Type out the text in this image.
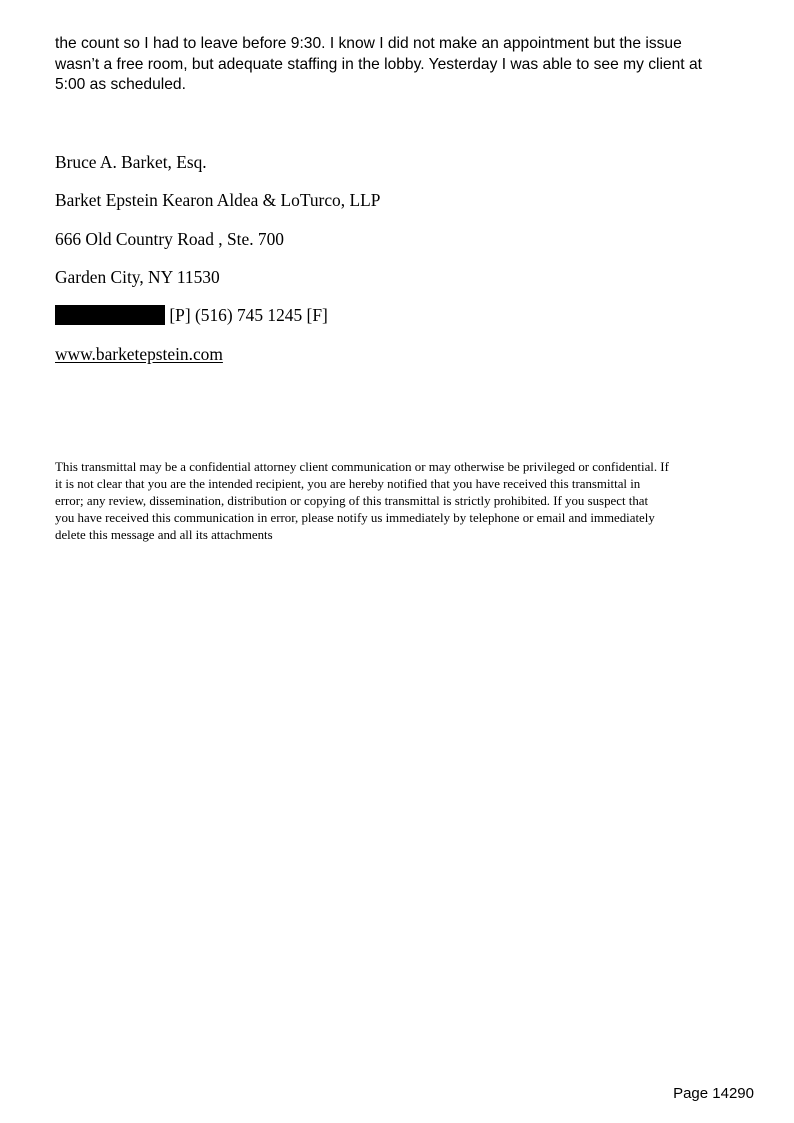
the count so I had to leave before 9:30. I know I did not make an appointment but the issue
wasn’t a free room, but adequate staffing in the lobby. Yesterday I was able to see my client at
5:00 as scheduled.

Bruce A. Barket, Esq.

Barket Epstein Kearon Aldea & LoTurco, LLP

666 Old Country Road , Ste. 700

Garden City, NY 11530

[P] (516) 745 1245 [F]

www.barketepstein.com

This transmittal may be a confidential attorney client communication or may otherwise be privileged or confidential. If
it is not clear that you are the intended recipient, you are hereby notified that you have received this transmittal in
error; any review, dissemination, distribution or copying of this transmittal is strictly prohibited. If you suspect that
you have received this communication in error, please notify us immediately by telephone or email and immediately
delete this message and all its attachments

Page 14290
